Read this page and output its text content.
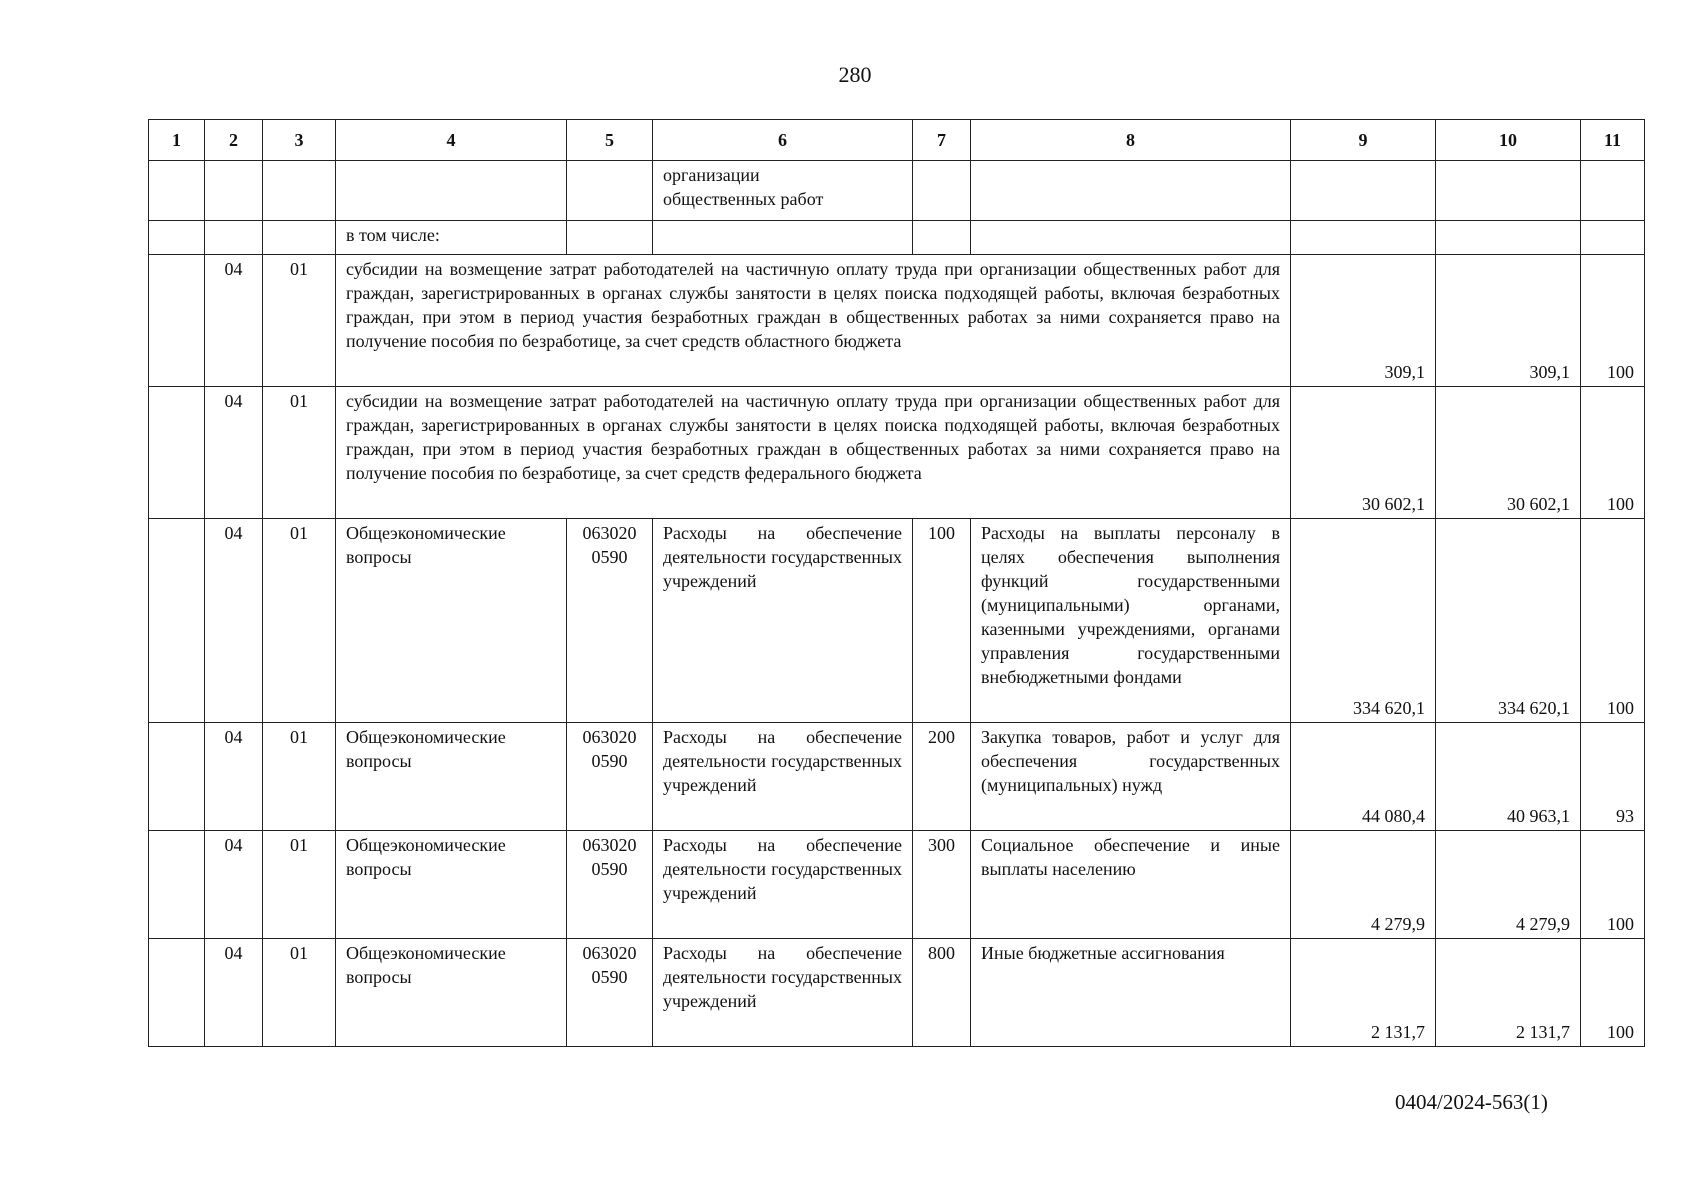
280
1	2	3	4	5	6	7	8	9	10	11
					организации
общественных работ					
			в том числе:							
	04	01	субсидии на возмещение затрат работодателей на частичную оплату труда при организации общественных работ для граждан, зарегистрированных в органах службы занятости в целях поиска подходящей работы, включая безработных граждан, при этом в период участия безработных граждан в общественных работах за ними сохраняется право на получение пособия по безработице, за счет средств областного бюджета					309,1	309,1	100
	04	01	субсидии на возмещение затрат работодателей на частичную оплату труда при организации общественных работ для граждан, зарегистрированных в органах службы занятости в целях поиска подходящей работы, включая безработных граждан, при этом в период участия безработных граждан в общественных работах за ними сохраняется право на получение пособия по безработице, за счет средств федерального бюджета					30 602,1	30 602,1	100
	04	01	Общеэкономические вопросы	063020
0590	Расходы на обеспечение деятельности государственных учреждений	100	Расходы на выплаты персоналу в целях обеспечения выполнения функций государственными (муниципальными) органами, казенными учреждениями, органами управления государственными внебюджетными фондами	334 620,1	334 620,1	100
	04	01	Общеэкономические вопросы	063020
0590	Расходы на обеспечение деятельности государственных учреждений	200	Закупка товаров, работ и услуг для обеспечения государственных (муниципальных) нужд	44 080,4	40 963,1	93
	04	01	Общеэкономические вопросы	063020
0590	Расходы на обеспечение деятельности государственных учреждений	300	Социальное обеспечение и иные выплаты населению	4 279,9	4 279,9	100
	04	01	Общеэкономические вопросы	063020
0590	Расходы на обеспечение деятельности государственных учреждений	800	Иные бюджетные ассигнования	2 131,7	2 131,7	100
0404/2024-563(1)
